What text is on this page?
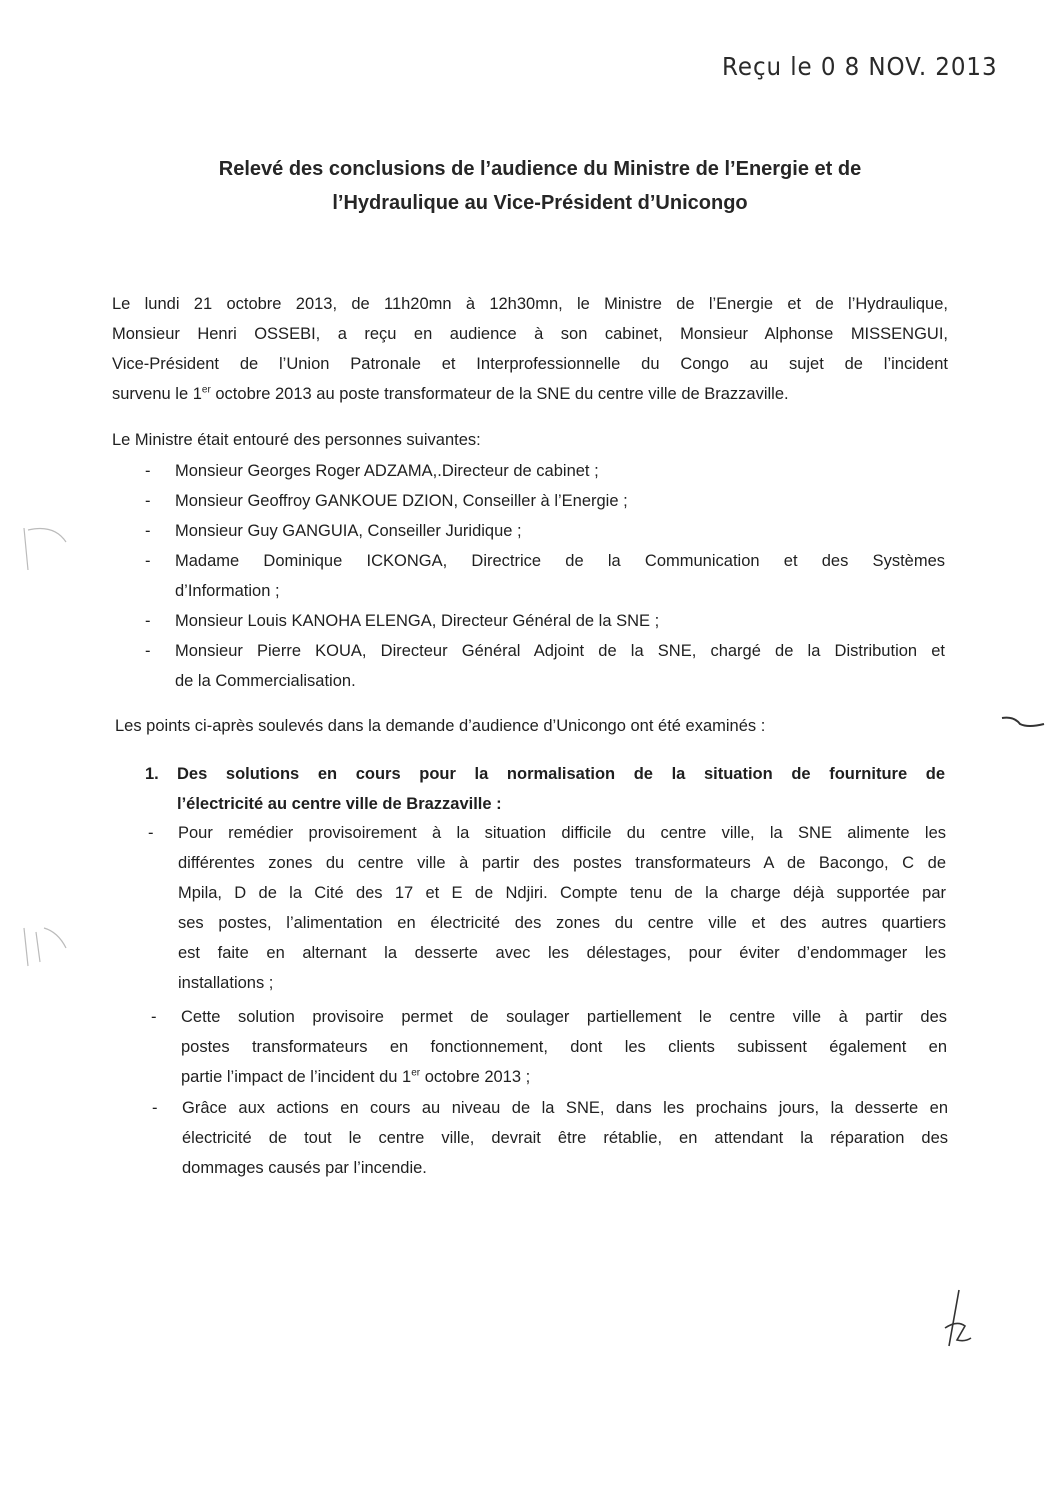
Reçu le 0 8 NOV. 2013
Relevé des conclusions de l’audience du Ministre de l’Energie et de
l’Hydraulique au Vice-Président d’Unicongo
Le lundi 21 octobre 2013, de 11h20mn à 12h30mn, le Ministre de l’Energie et de l’Hydraulique,
Monsieur Henri OSSEBI, a reçu en audience à son cabinet, Monsieur Alphonse MISSENGUI,
Vice-Président de l’Union Patronale et Interprofessionnelle du Congo au sujet de l’incident
survenu le 1er octobre 2013 au poste transformateur de la SNE du centre ville de Brazzaville.
Le Ministre était entouré des personnes suivantes:
- Monsieur Georges Roger ADZAMA,.Directeur de cabinet ;
- Monsieur Geoffroy GANKOUE DZION, Conseiller à l’Energie ;
- Monsieur Guy GANGUIA, Conseiller Juridique ;
- Madame Dominique ICKONGA, Directrice de la Communication et des Systèmes
d’Information ;
- Monsieur Louis KANOHA ELENGA, Directeur Général de la SNE ;
- Monsieur Pierre KOUA, Directeur Général Adjoint de la SNE, chargé de la Distribution et
de la Commercialisation.
Les points ci-après soulevés dans la demande d’audience d’Unicongo ont été examinés :
1. Des solutions en cours pour la normalisation de la situation de fourniture de
l’électricité au centre ville de Brazzaville :
- Pour remédier provisoirement à la situation difficile du centre ville, la SNE alimente les
différentes zones du centre ville à partir des postes transformateurs A de Bacongo, C de
Mpila, D de la Cité des 17 et E de Ndjiri. Compte tenu de la charge déjà supportée par
ses postes, l’alimentation en électricité des zones du centre ville et des autres quartiers
est faite en alternant la desserte avec les délestages, pour éviter d’endommager les
installations ;
- Cette solution provisoire permet de soulager partiellement le centre ville à partir des
postes transformateurs en fonctionnement, dont les clients subissent également en
partie l’impact de l’incident du 1er octobre 2013 ;
- Grâce aux actions en cours au niveau de la SNE, dans les prochains jours, la desserte en
électricité de tout le centre ville, devrait être rétablie, en attendant la réparation des
dommages causés par l’incendie.
